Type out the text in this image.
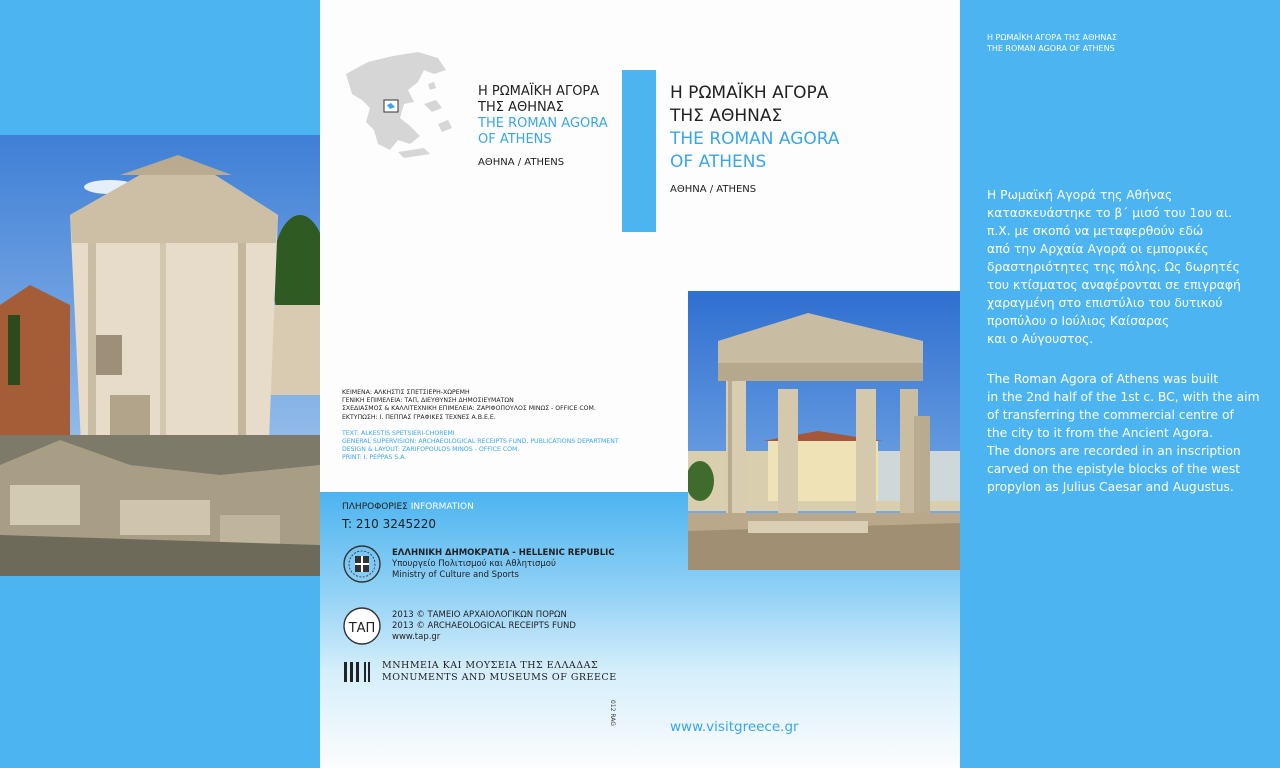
Η ΡΩΜΑΪΚΗ ΑΓΟΡΑ

ΤΗΣ ΑΘΗΝΑΣ

THE ROMAN AGORA

OF ATHENS

ΑΘΗΝΑ / ATHENS
ΚΕΙΜΕΝΑ: ΑΛΚΗΣΤΙΣ ΣΠΕΤΣΙΕΡΗ-ΧΩΡΕΜΗ
ΓΕΝΙΚΗ ΕΠΙΜΕΛΕΙΑ: ΤΑΠ, ΔΙΕΥΘΥΝΣΗ ΔΗΜΟΣΙΕΥΜΑΤΩΝ
ΣΧΕΔΙΑΣΜΟΣ & ΚΑΛΛΙΤΕΧΝΙΚΗ ΕΠΙΜΕΛΕΙΑ: ΖΑΡΙΦΟΠΟΥΛΟΣ ΜΙΝΩΣ - OFFICE COM.
ΕΚΤΥΠΩΣΗ: Ι. ΠΕΠΠΑΣ ΓΡΑΦΙΚΕΣ ΤΕΧΝΕΣ Α.Β.Ε.Ε.
TEXT: ALKESTIS SPETSIERI-CHOREMI
GENERAL SUPERVISION: ARCHAEOLOGICAL RECEIPTS FUND, PUBLICATIONS DEPARTMENT
DESIGN & LAYOUT: ZARIFOPOULOS MINOS - OFFICE COM.
PRINT: I. PEPPAS S.A.
ΠΛΗΡΟΦΟΡΙΕΣ INFORMATION
T: 210 3245220
ΕΛΛΗΝΙΚΗ ΔΗΜΟΚΡΑΤΙΑ - HELLENIC REPUBLIC
Υπουργείο Πολιτισμού και Αθλητισμού
Ministry of Culture and Sports
ΤΑΠ
2013 © ΤΑΜΕΙΟ ΑΡΧΑΙΟΛΟΓΙΚΩΝ ΠΟΡΩΝ
2013 © ARCHAEOLOGICAL RECEIPTS FUND
www.tap.gr
ΜΝΗΜΕΙΑ ΚΑΙ ΜΟΥΣΕΙΑ ΤΗΣ ΕΛΛΑΔΑΣ
MONUMENTS AND MUSEUMS OF GREECE
012 RAG

Η ΡΩΜΑΪΚΗ ΑΓΟΡΑ

ΤΗΣ ΑΘΗΝΑΣ

THE ROMAN AGORA

OF ATHENS

ΑΘΗΝΑ / ATHENS
www.visitgreece.gr
Η ΡΩΜΑΪΚΗ ΑΓΟΡΑ ΤΗΣ ΑΘΗΝΑΣ
THE ROMAN AGORA OF ATHENS
Η Ρωμαϊκή Αγορά της Αθήνας
κατασκευάστηκε το β΄ μισό του 1ου αι.
π.Χ. με σκοπό να μεταφερθούν εδώ
από την Αρχαία Αγορά οι εμπορικές
δραστηριότητες της πόλης. Ως δωρητές
του κτίσματος αναφέρονται σε επιγραφή
χαραγμένη στο επιστύλιο του δυτικού
προπύλου ο Ιούλιος Καίσαρας
και ο Αύγουστος.
The Roman Agora of Athens was built
in the 2nd half of the 1st c. BC, with the aim
of transferring the commercial centre of
the city to it from the Ancient Agora.
The donors are recorded in an inscription
carved on the epistyle blocks of the west
propylon as Julius Caesar and Augustus.
